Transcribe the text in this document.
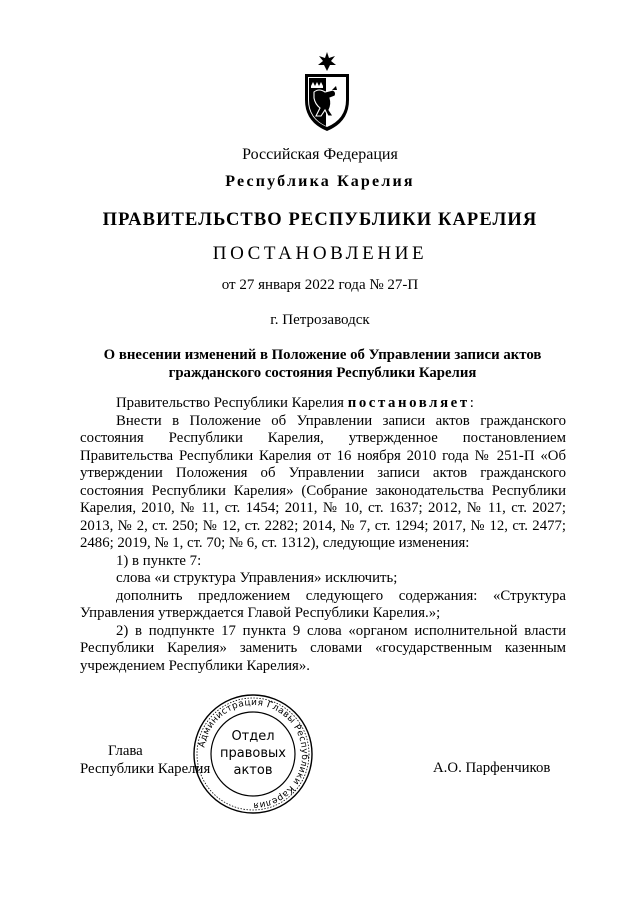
Российская Федерация
Республика Карелия
ПРАВИТЕЛЬСТВО РЕСПУБЛИКИ КАРЕЛИЯ
ПОСТАНОВЛЕНИЕ
от 27 января 2022 года № 27-П
г. Петрозаводск
О внесении изменений в Положение об Управлении записи актов гражданского состояния Республики Карелия

Правительство Республики Карелия постановляет:

Внести в Положение об Управлении записи актов гражданского состояния Республики Карелия, утвержденное постановлением Правительства Республики Карелия от 16 ноября 2010 года № 251-П «Об утверждении Положения об Управлении записи актов гражданского состояния Республики Карелия» (Собрание законодательства Республики Карелия, 2010, № 11, ст. 1454; 2011, № 10, ст. 1637; 2012, № 11, ст. 2027; 2013, № 2, ст. 250; № 12, ст. 2282; 2014, № 7, ст. 1294; 2017, № 12, ст. 2477; 2486; 2019, № 1, ст. 70; № 6, ст. 1312), следующие изменения:

1) в пункте 7:

слова «и структура Управления» исключить;

дополнить предложением следующего содержания: «Структура Управления утверждается Главой Республики Карелия.»;

2) в подпункте 17 пункта 9 слова «органом исполнительной власти Республики Карелия» заменить словами «государственным казенным учреждением Республики Карелия».

Глава
Республики Карелия	А.О. Парфенчиков
Администрация Главы Республики Карелия
Отдел
правовых
актов
